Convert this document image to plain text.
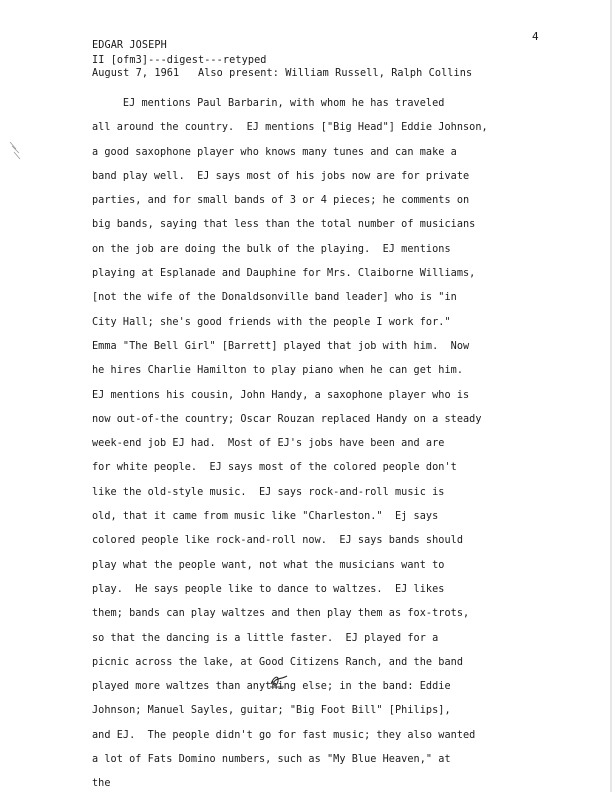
4
EDGAR JOSEPH
II [ofm3]---digest---retyped
August 7, 1961   Also present: William Russell, Ralph Collins
EJ mentions Paul Barbarin, with whom he has traveled
all around the country.  EJ mentions ["Big Head"] Eddie Johnson,
a good saxophone player who knows many tunes and can make a
band play well.  EJ says most of his jobs now are for private
parties, and for small bands of 3 or 4 pieces; he comments on
big bands, saying that less than the total number of musicians
on the job are doing the bulk of the playing.  EJ mentions
playing at Esplanade and Dauphine for Mrs. Claiborne Williams,
[not the wife of the Donaldsonville band leader] who is "in
City Hall; she's good friends with the people I work for."
Emma "The Bell Girl" [Barrett] played that job with him.  Now
he hires Charlie Hamilton to play piano when he can get him.
EJ mentions his cousin, John Handy, a saxophone player who is
now out-of-the country; Oscar Rouzan replaced Handy on a steady
week-end job EJ had.  Most of EJ's jobs have been and are
for white people.  EJ says most of the colored people don't
like the old-style music.  EJ says rock-and-roll music is
old, that it came from music like "Charleston."  Ej says
colored people like rock-and-roll now.  EJ says bands should
play what the people want, not what the musicians want to
play.  He says people like to dance to waltzes.  EJ likes
them; bands can play waltzes and then play them as fox-trots,
so that the dancing is a little faster.  EJ played for a
picnic across the lake, at Good Citizens Ranch, and the band
played more waltzes than anything else; in the band: Eddie
Johnson; Manuel Sayles, guitar; "Big Foot Bill" [Philips],
and EJ.  The people didn't go for fast music; they also wanted
a lot of Fats Domino numbers, such as "My Blue Heaven," at
the
